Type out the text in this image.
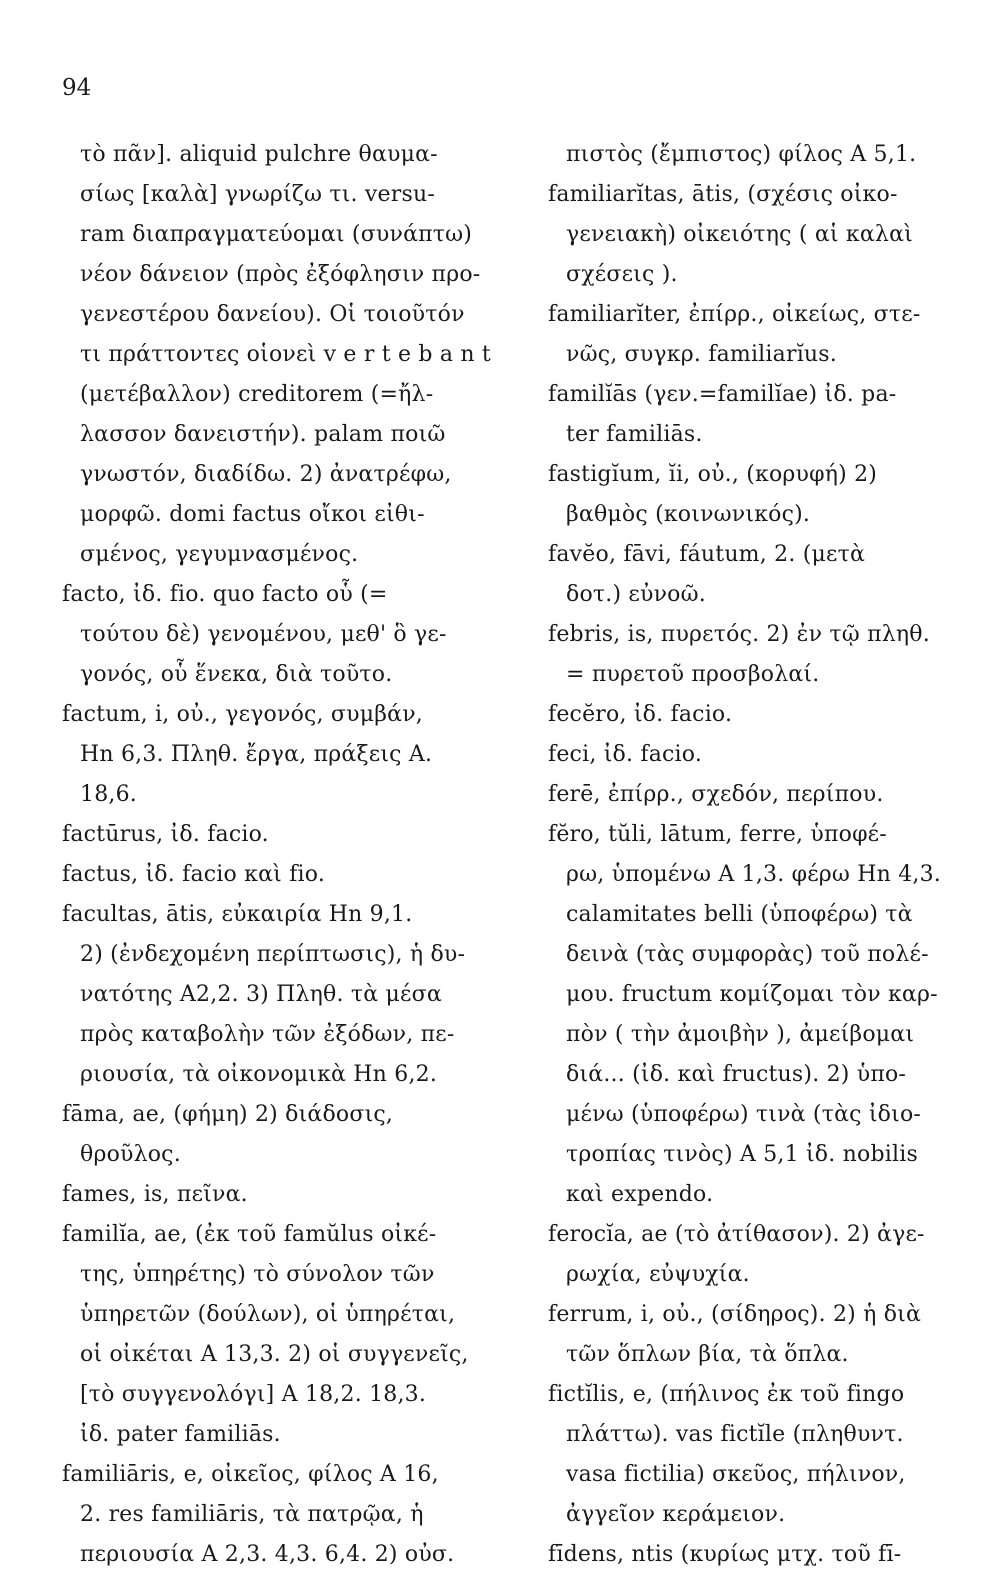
94
τὸ πᾶν]. aliquid pulchre θαυμα-
σίως [καλὰ] γνωρίζω τι. versu-
ram διαπραγματεύομαι (συνάπτω)
νέον δάνειον (πρὸς ἐξόφλησιν προ-
γενεστέρου δανείου). Οἱ τοιοῦτόν
τι πράττοντες οἱονεὶ v e r t e b a n t
(μετέβαλλον) creditorem (=ἤλ-
λασσον δανειστήν). palam ποιῶ
γνωστόν, διαδίδω. 2) ἀνατρέφω,
μορφῶ. domi factus οἴκοι εἰθι-
σμένος, γεγυμνασμένος.
facto, ἰδ. fio. quo facto οὗ (=
τούτου δὲ) γενομένου, μεθ' ὃ γε-
γονός, οὗ ἕνεκα, διὰ τοῦτο.
factum, i, οὐ., γεγονός, συμβάν,
Hn 6,3. Πληθ. ἔργα, πράξεις Α.
18,6.
factūrus, ἰδ. facio.
factus, ἰδ. facio καὶ fio.
facultas, ātis, εὐκαιρία Hn 9,1.
2) (ἐνδεχομένη περίπτωσις), ἡ δυ-
νατότης Α2,2. 3) Πληθ. τὰ μέσα
πρὸς καταβολὴν τῶν ἐξόδων, πε-
ριουσία, τὰ οἰκονομικὰ Hn 6,2.
fāma, ae, (φήμη) 2) διάδοσις,
θροῦλος.
fames, is, πεῖνα.
familĭa, ae, (ἐκ τοῦ famŭlus οἰκέ-
της, ὑπηρέτης) τὸ σύνολον τῶν
ὑπηρετῶν (δούλων), οἱ ὑπηρέται,
οἱ οἰκέται Α 13,3. 2) οἱ συγγενεῖς,
[τὸ συγγενολόγι] Α 18,2. 18,3.
ἰδ. pater familiās.
familiāris, e, οἰκεῖος, φίλος Α 16,
2. res familiāris, τὰ πατρῷα, ἡ
περιουσία Α 2,3. 4,3. 6,4. 2) οὐσ.
πιστὸς (ἔμπιστος) φίλος Α 5,1.
familiarĭtas, ātis, (σχέσις οἰκο-
γενειακὴ) οἰκειότης ( αἱ καλαὶ
σχέσεις ).
familiarĭter, ἐπίρρ., οἰκείως, στε-
νῶς, συγκρ. familiarĭus.
familĭās (γεν.=familĭae) ἰδ. pa-
ter familiās.
fastigĭum, ĭi, οὐ., (κορυφή) 2)
βαθμὸς (κοινωνικός).
favĕo, fāvi, fáutum, 2. (μετὰ
δοτ.) εὐνοῶ.
febris, is, πυρετός. 2) ἐν τῷ πληθ.
= πυρετοῦ προσβολαί.
fecĕro, ἰδ. facio.
feci, ἰδ. facio.
ferē, ἐπίρρ., σχεδόν, περίπου.
fĕro, tŭli, lātum, ferre, ὑποφέ-
ρω, ὑπομένω Α 1,3. φέρω Hn 4,3.
calamitates belli (ὑποφέρω) τὰ
δεινὰ (τὰς συμφορὰς) τοῦ πολέ-
μου. fructum κομίζομαι τὸν καρ-
πὸν ( τὴν ἀμοιβὴν ), ἀμείβομαι
διά... (ἰδ. καὶ fructus). 2) ὑπο-
μένω (ὑποφέρω) τινὰ (τὰς ἰδιο-
τροπίας τινὸς) Α 5,1 ἰδ. nobilis
καὶ expendo.
ferocĭa, ae (τὸ ἀτίθασον). 2) ἀγε-
ρωχία, εὐψυχία.
ferrum, i, οὐ., (σίδηρος). 2) ἡ διὰ
τῶν ὅπλων βία, τὰ ὅπλα.
fictĭlis, e, (πήλινος ἐκ τοῦ fingo
πλάττω). vas fictĭle (πληθυντ.
vasa fictilia) σκεῦος, πήλινον,
ἀγγεῖον κεράμειον.
fīdens, ntis (κυρίως μτχ. τοῦ fī-
